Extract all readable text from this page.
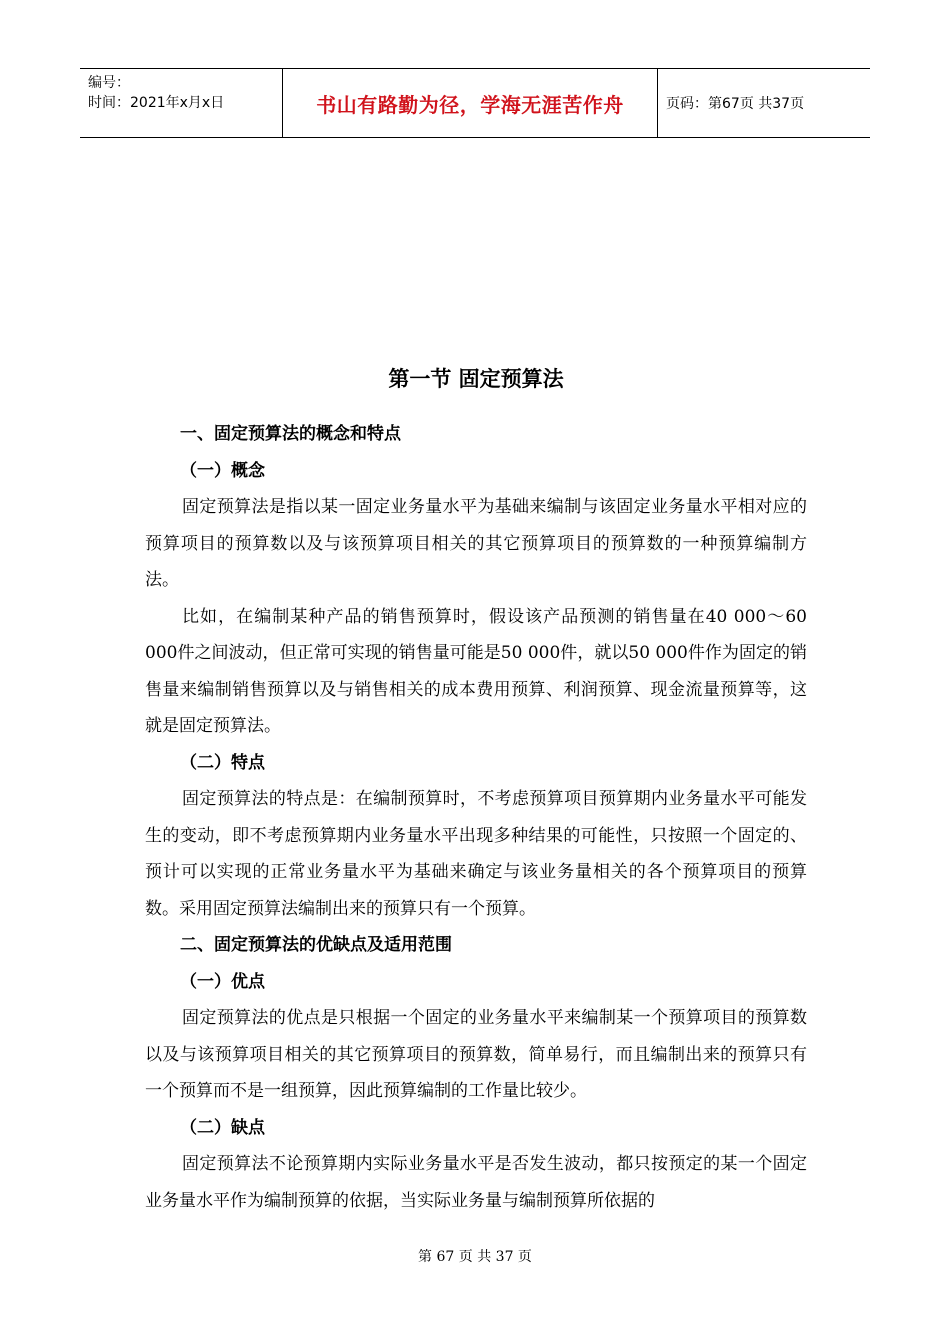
编号：
时间：2021年x月x日	书山有路勤为径，学海无涯苦作舟	页码：第67页 共37页
第一节 固定预算法

一、固定预算法的概念和特点

（一）概念

固定预算法是指以某一固定业务量水平为基础来编制与该固定业务量水平相对应的预算项目的预算数以及与该预算项目相关的其它预算项目的预算数的一种预算编制方法。

比如，在编制某种产品的销售预算时，假设该产品预测的销售量在40 000～60 000件之间波动，但正常可实现的销售量可能是50 000件，就以50 000件作为固定的销售量来编制销售预算以及与销售相关的成本费用预算、利润预算、现金流量预算等，这就是固定预算法。

（二）特点

固定预算法的特点是：在编制预算时，不考虑预算项目预算期内业务量水平可能发生的变动，即不考虑预算期内业务量水平出现多种结果的可能性，只按照一个固定的、预计可以实现的正常业务量水平为基础来确定与该业务量相关的各个预算项目的预算数。采用固定预算法编制出来的预算只有一个预算。

二、固定预算法的优缺点及适用范围

（一）优点

固定预算法的优点是只根据一个固定的业务量水平来编制某一个预算项目的预算数以及与该预算项目相关的其它预算项目的预算数，简单易行，而且编制出来的预算只有一个预算而不是一组预算，因此预算编制的工作量比较少。

（二）缺点

固定预算法不论预算期内实际业务量水平是否发生波动，都只按预定的某一个固定业务量水平作为编制预算的依据，当实际业务量与编制预算所依据的

第 67 页 共 37 页
